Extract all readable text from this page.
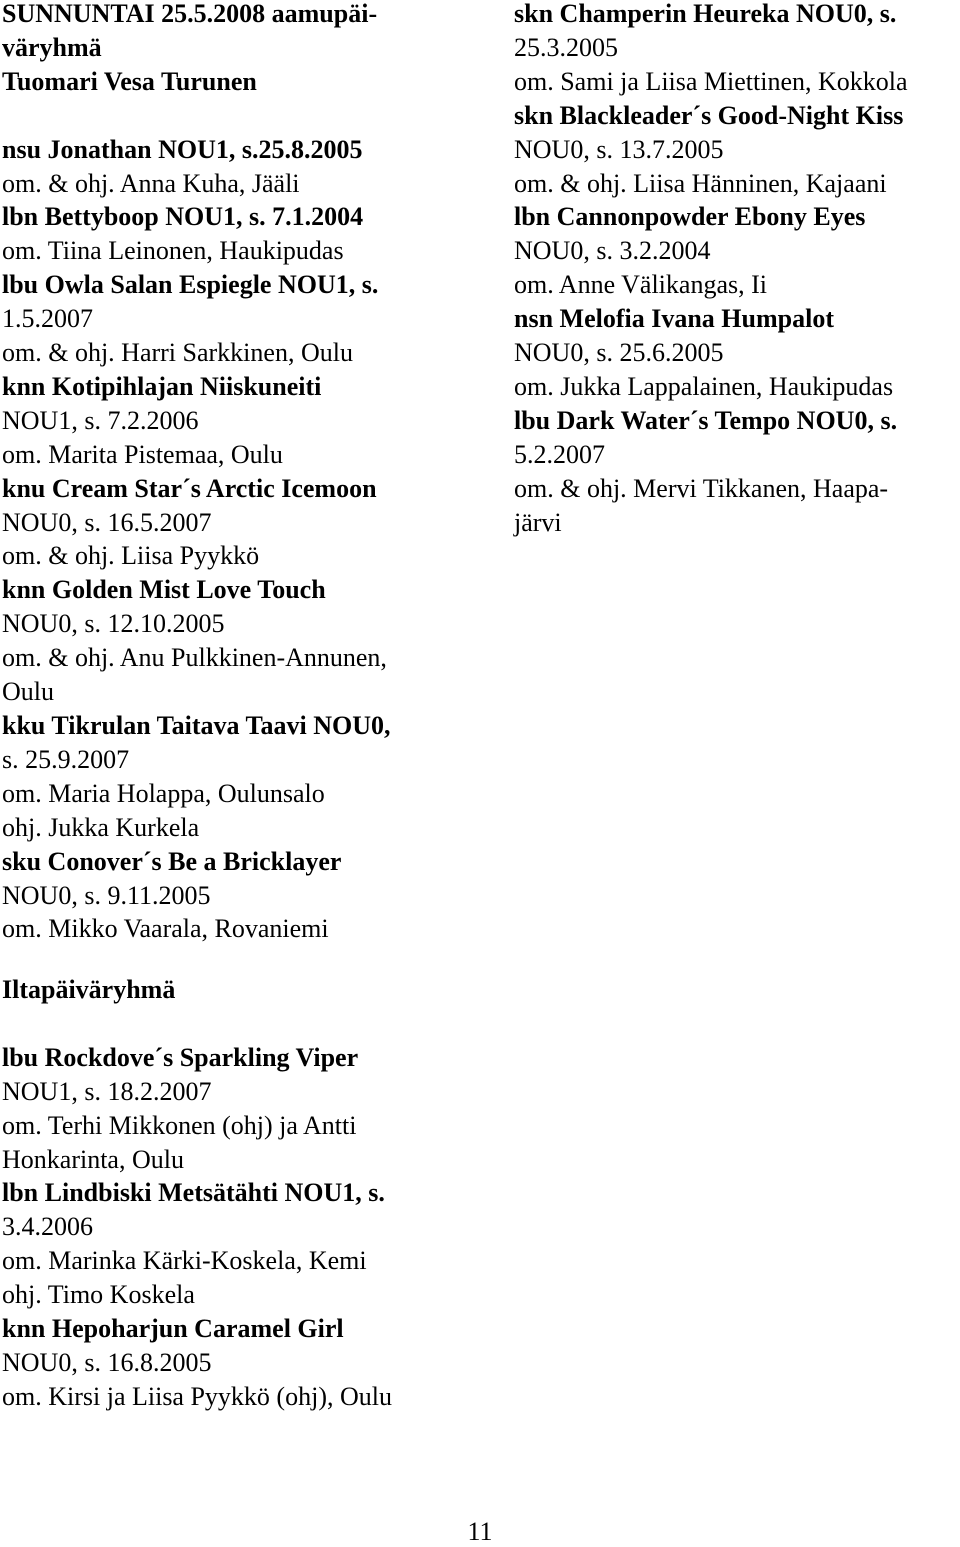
SUNNUNTAI 25.5.2008 aamupäi-
väryhmä
Tuomari Vesa Turunen
nsu Jonathan NOU1, s.25.8.2005
om. & ohj. Anna Kuha, Jääli
lbn Bettyboop NOU1, s. 7.1.2004
om. Tiina Leinonen, Haukipudas
lbu Owla Salan Espiegle NOU1, s.
1.5.2007
om. & ohj. Harri Sarkkinen, Oulu
knn Kotipihlajan Niiskuneiti
NOU1, s. 7.2.2006
om. Marita Pistemaa, Oulu
knu Cream Star´s Arctic Icemoon
NOU0, s. 16.5.2007
om. & ohj. Liisa Pyykkö
knn Golden Mist Love Touch
NOU0, s. 12.10.2005
om. & ohj. Anu Pulkkinen-Annunen,
Oulu
kku Tikrulan Taitava Taavi NOU0,
s. 25.9.2007
om. Maria Holappa, Oulunsalo
ohj. Jukka Kurkela
sku Conover´s Be a Bricklayer
NOU0, s. 9.11.2005
om. Mikko Vaarala, Rovaniemi
skn Champerin Heureka NOU0, s.
25.3.2005
om. Sami ja Liisa Miettinen, Kokkola
skn Blackleader´s Good-Night Kiss
NOU0, s. 13.7.2005
om. & ohj. Liisa Hänninen, Kajaani
lbn Cannonpowder Ebony Eyes
NOU0, s. 3.2.2004
om. Anne Välikangas, Ii
nsn Melofia Ivana Humpalot
NOU0, s. 25.6.2005
om. Jukka Lappalainen, Haukipudas
lbu Dark Water´s Tempo NOU0, s.
5.2.2007
om. & ohj. Mervi Tikkanen, Haapa-
järvi
Iltapäiväryhmä
lbu Rockdove´s Sparkling Viper
NOU1, s. 18.2.2007
om. Terhi Mikkonen (ohj) ja Antti
Honkarinta, Oulu
lbn Lindbiski Metsätähti NOU1, s.
3.4.2006
om. Marinka Kärki-Koskela, Kemi
ohj. Timo Koskela
knn Hepoharjun Caramel Girl
NOU0, s. 16.8.2005
om. Kirsi ja Liisa Pyykkö (ohj), Oulu
11
